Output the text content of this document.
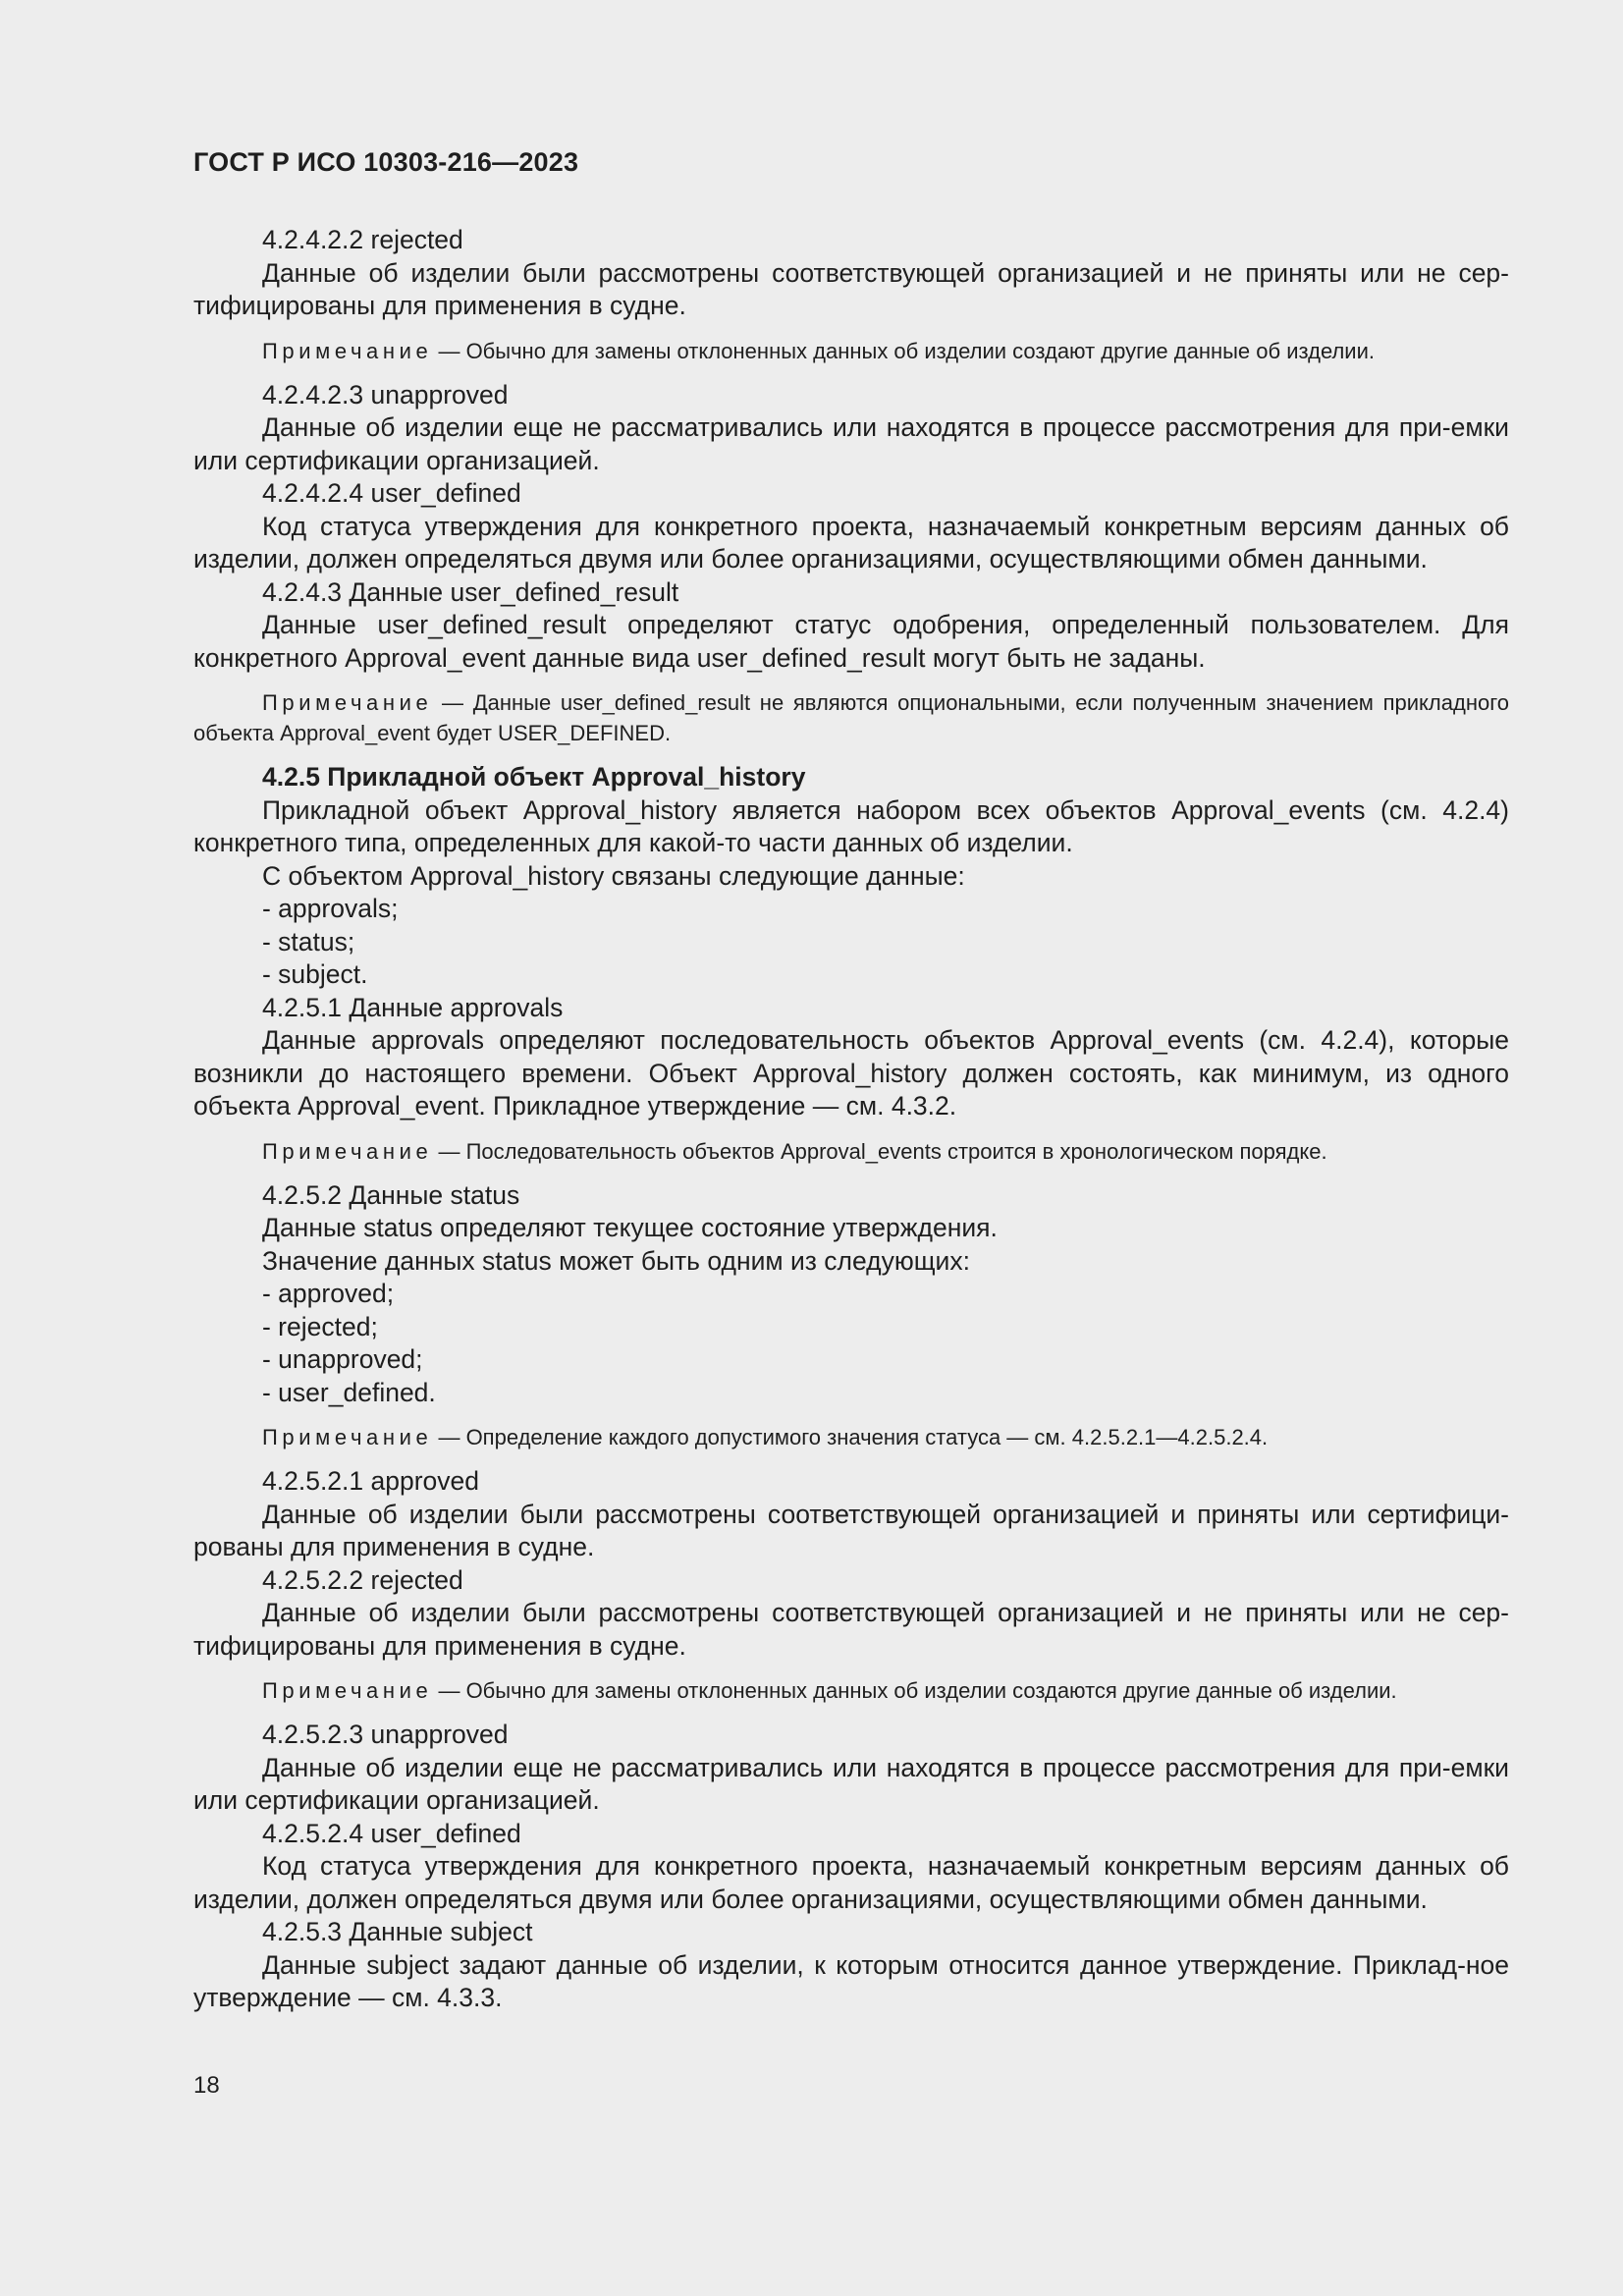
ГОСТ Р ИСО 10303-216—2023

4.2.4.2.2 rejected

Данные об изделии были рассмотрены соответствующей организацией и не приняты или не сер-тифицированы для применения в судне.

Примечание — Обычно для замены отклоненных данных об изделии создают другие данные об изделии.

4.2.4.2.3 unapproved

Данные об изделии еще не рассматривались или находятся в процессе рассмотрения для при-емки или сертификации организацией.

4.2.4.2.4 user_defined

Код статуса утверждения для конкретного проекта, назначаемый конкретным версиям данных об изделии, должен определяться двумя или более организациями, осуществляющими обмен данными.

4.2.4.3 Данные user_defined_result

Данные user_defined_result определяют статус одобрения, определенный пользователем. Для конкретного Approval_event данные вида user_defined_result могут быть не заданы.

Примечание — Данные user_defined_result не являются опциональными, если полученным значением прикладного объекта Approval_event будет USER_DEFINED.

4.2.5 Прикладной объект Approval_history

Прикладной объект Approval_history является набором всех объектов Approval_events (см. 4.2.4) конкретного типа, определенных для какой-то части данных об изделии.

С объектом Approval_history связаны следующие данные:

- approvals;

- status;

- subject.

4.2.5.1 Данные approvals

Данные approvals определяют последовательность объектов Approval_events (см. 4.2.4), которые возникли до настоящего времени. Объект Approval_history должен состоять, как минимум, из одного объекта Approval_event. Прикладное утверждение — см. 4.3.2.

Примечание — Последовательность объектов Approval_events строится в хронологическом порядке.

4.2.5.2 Данные status

Данные status определяют текущее состояние утверждения.

Значение данных status может быть одним из следующих:

- approved;

- rejected;

- unapproved;

- user_defined.

Примечание — Определение каждого допустимого значения статуса — см. 4.2.5.2.1—4.2.5.2.4.

4.2.5.2.1 approved

Данные об изделии были рассмотрены соответствующей организацией и приняты или сертифици-рованы для применения в судне.

4.2.5.2.2 rejected

Данные об изделии были рассмотрены соответствующей организацией и не приняты или не сер-тифицированы для применения в судне.

Примечание — Обычно для замены отклоненных данных об изделии создаются другие данные об изделии.

4.2.5.2.3 unapproved

Данные об изделии еще не рассматривались или находятся в процессе рассмотрения для при-емки или сертификации организацией.

4.2.5.2.4 user_defined

Код статуса утверждения для конкретного проекта, назначаемый конкретным версиям данных об изделии, должен определяться двумя или более организациями, осуществляющими обмен данными.

4.2.5.3 Данные subject

Данные subject задают данные об изделии, к которым относится данное утверждение. Приклад-ное утверждение — см. 4.3.3.

18
